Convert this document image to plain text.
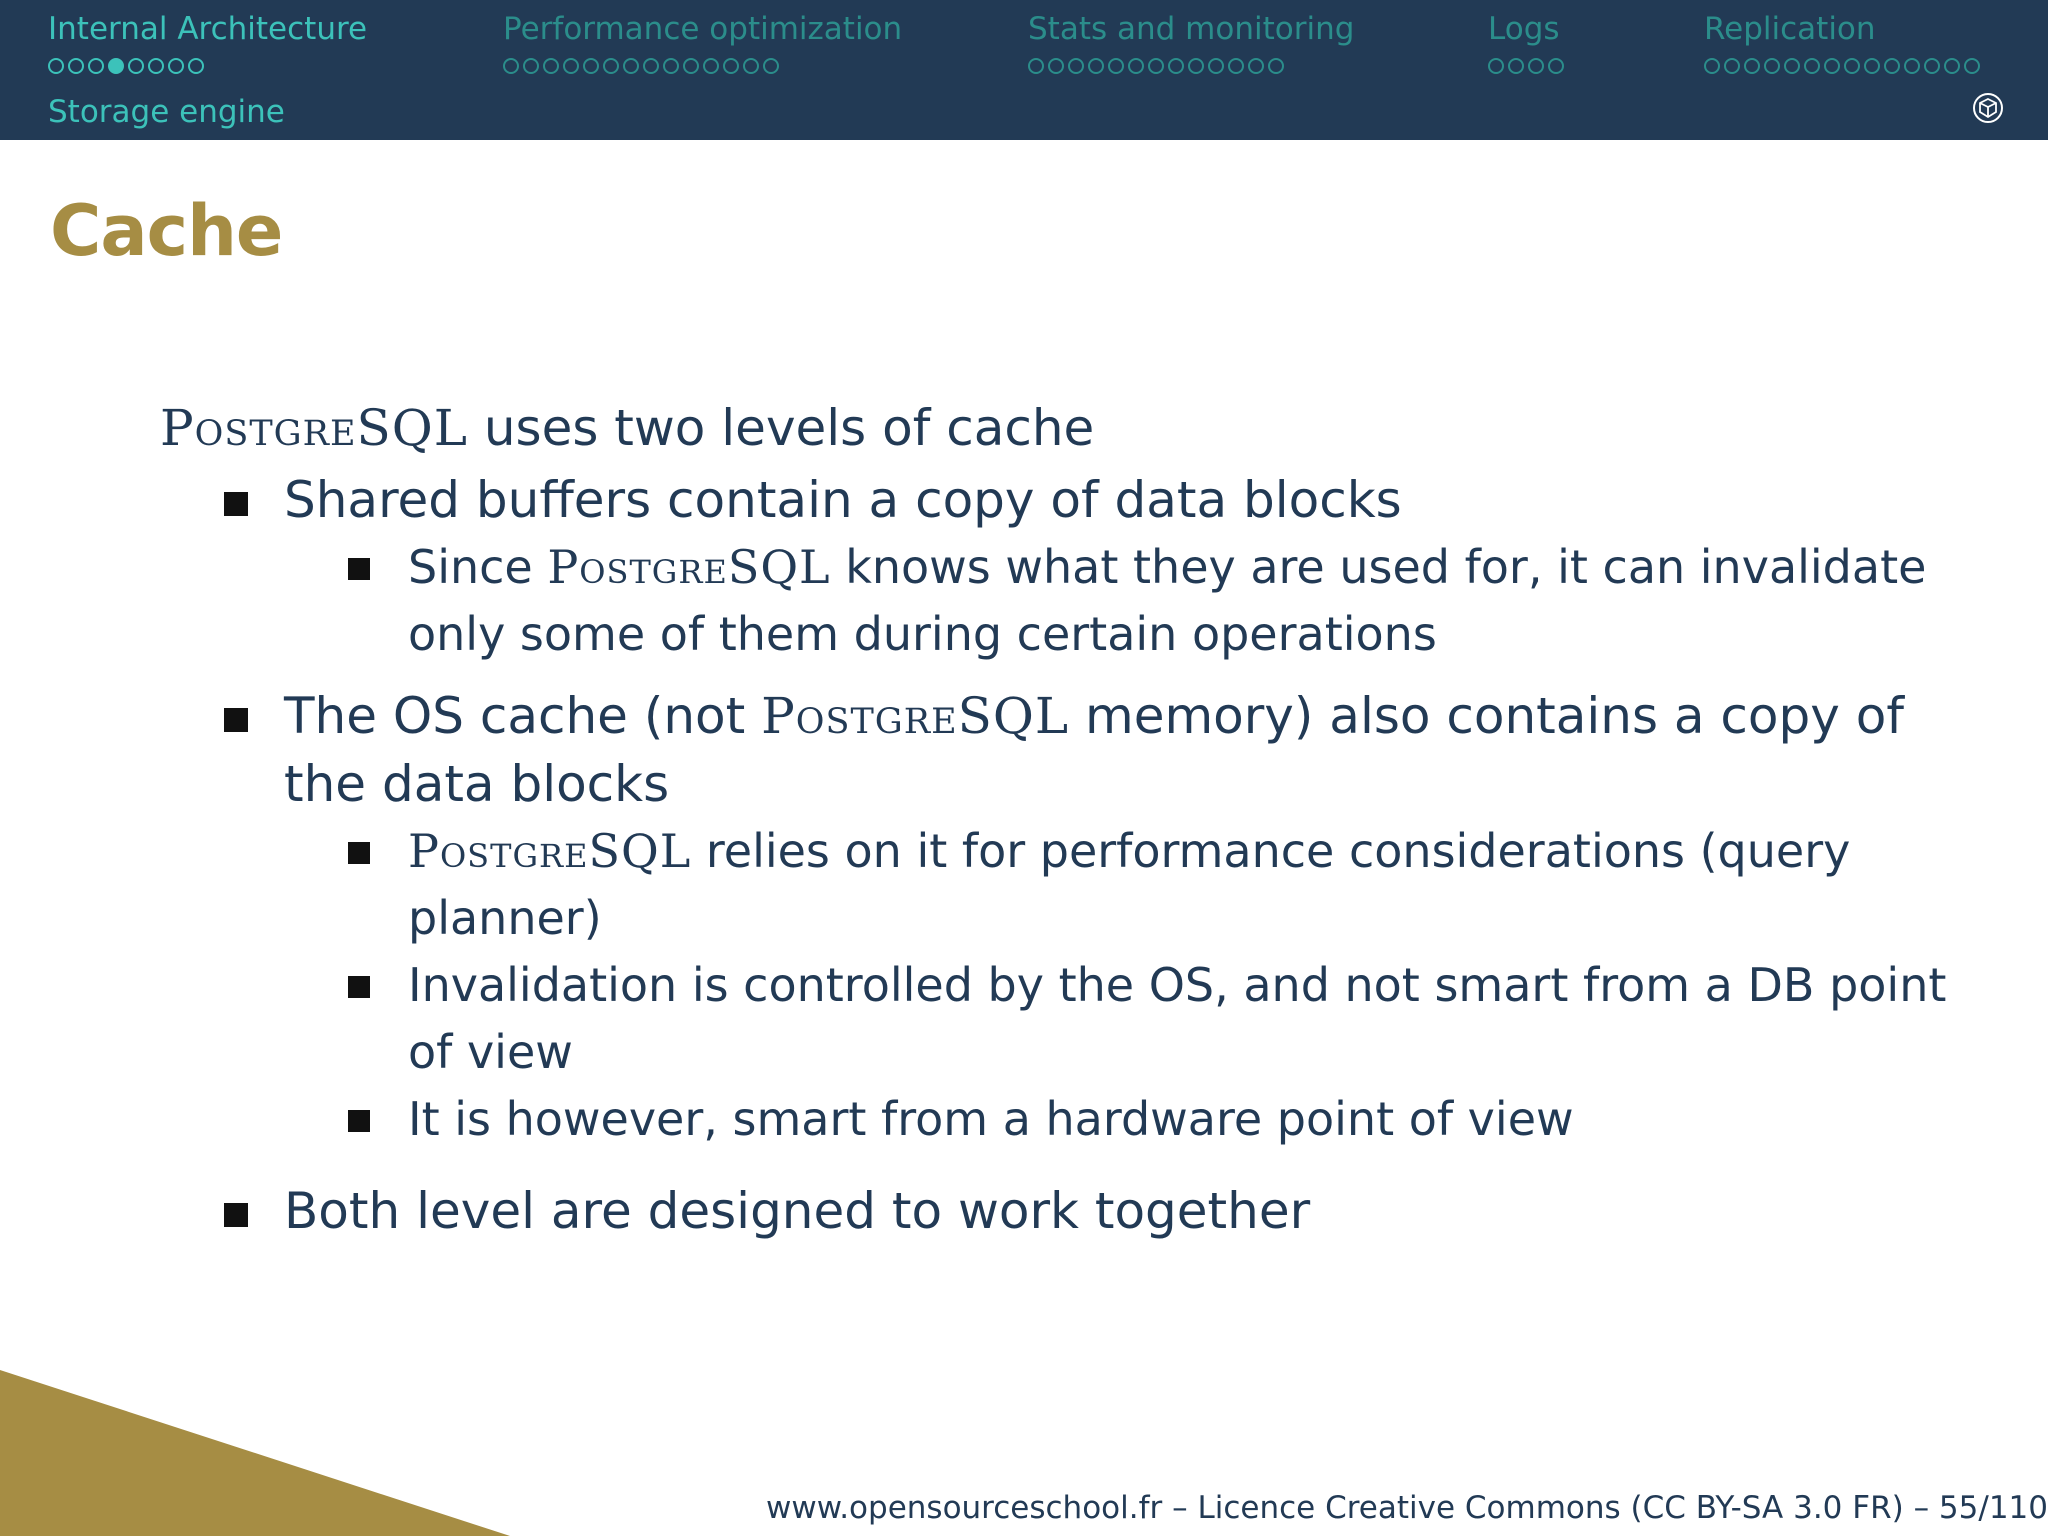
Internal Architecture	Performance optimization	Stats and monitoring	Logs	Replication
Storage engine
Cache
PostgreSQL uses two levels of cache
Shared buffers contain a copy of data blocks
Since PostgreSQL knows what they are used for, it can invalidate only some of them during certain operations
The OS cache (not PostgreSQL memory) also contains a copy of the data blocks
PostgreSQL relies on it for performance considerations (query planner)
Invalidation is controlled by the OS, and not smart from a DB point of view
It is however, smart from a hardware point of view
Both level are designed to work together
www.opensourceschool.fr – Licence Creative Commons (CC BY-SA 3.0 FR) – 55/110
